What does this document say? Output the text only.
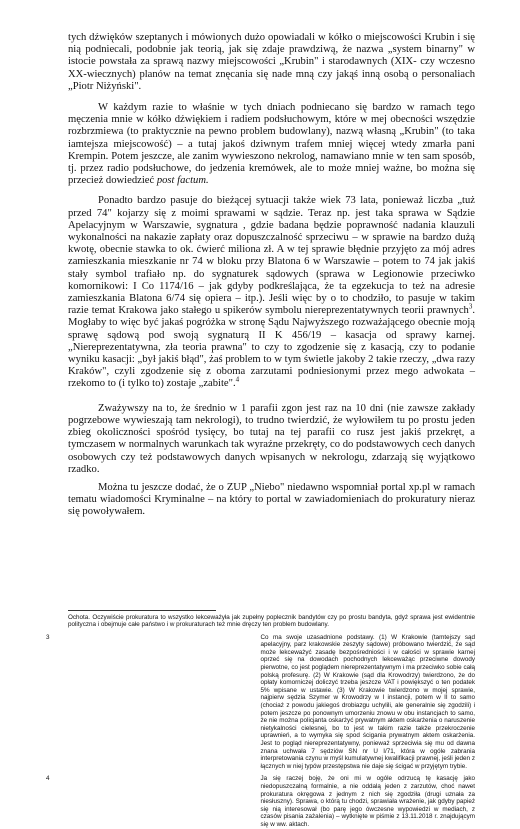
tych dźwięków szeptanych i mówionych dużo opowiadali w kółko o miejscowości Krubin i się nią podniecali, podobnie jak teorią, jak się zdaje prawdziwą, że nazwa „system binarny" w istocie powstała za sprawą nazwy miejscowości „Krubin" i starodawnych (XIX- czy wczesno XX-wiecznych) planów na temat znęcania się nade mną czy jakąś inną osobą o personaliach „Piotr Niżyński".

W każdym razie to właśnie w tych dniach podniecano się bardzo w ramach tego męczenia mnie w kółko dźwiękiem i radiem podsłuchowym, które w mej obecności wszędzie rozbrzmiewa (to praktycznie na pewno problem budowlany), nazwą własną „Krubin" (to taka iamtejsza miejscowość) – a tutaj jakoś dziwnym trafem mniej więcej wtedy zmarła pani Krempin. Potem jeszcze, ale zanim wywieszono nekrolog, namawiano mnie w ten sam sposób, tj. przez radio podsłuchowe, do jedzenia kremówek, ale to może mniej ważne, bo można się przecież dowiedzieć post factum.

Ponadto bardzo pasuje do bieżącej sytuacji także wiek 73 lata, ponieważ liczba „tuż przed 74" kojarzy się z moimi sprawami w sądzie. Teraz np. jest taka sprawa w Sądzie Apelacyjnym w Warszawie, sygnatura , gdzie badana będzie poprawność nadania klauzuli wykonalności na nakazie zapłaty oraz dopuszczalność sprzeciwu – w sprawie na bardzo dużą kwotę, obecnie stawka to ok. ćwierć miliona zł. A w tej sprawie błędnie przyjęto za mój adres zamieszkania mieszkanie nr 74 w bloku przy Blatona 6 w Warszawie – potem to 74 jak jakiś stały symbol trafiało np. do sygnaturek sądowych (sprawa w Legionowie przeciwko komornikowi: I Co 1174/16 – jak gdyby podkreślająca, że ta egzekucja to też na adresie zamieszkania Blatona 6/74 się opiera – itp.). Jeśli więc by o to chodziło, to pasuje w takim razie temat Krakowa jako stałego u spikerów symbolu niereprezentatywnych teorii prawnych$^3$. Mogłaby to więc być jakaś pogróżka w stronę Sądu Najwyższego rozważającego obecnie moją sprawę sądową pod swoją sygnaturą II K 456/19 – kasacja od sprawy karnej. „Niereprezentatywna, zła teoria prawna" to czy to zgodzenie się z kasacją, czy to podanie wyniku kasacji: „był jakiś błąd", żaś problem to w tym świetle jakoby 2 takie rzeczy, „dwa razy Kraków", czyli zgodzenie się z oboma zarzutami podniesionymi przez mego adwokata – rzekomo to (i tylko to) zostaje „zabite".$^4$

Zważywszy na to, że średnio w 1 parafii zgon jest raz na 10 dni (nie zawsze zakłady pogrzebowe wywieszają tam nekrologi), to trudno twierdzić, że wyłowiłem tu po prostu jeden zbieg okoliczności spośród tysięcy, bo tutaj na tej parafii co rusz jest jakiś przekręt, a tymczasem w normalnych warunkach tak wyraźne przekręty, co do podstawowych cech danych osobowych czy też podstawowych danych wpisanych w nekrologu, zdarzają się wyjątkowo rzadko.

Można tu jeszcze dodać, że o ZUP „Niebo" niedawno wspomniał portal xp.pl w ramach tematu wiadomości Kryminalne – na który to portal w zawiadomieniach do prokuratury nieraz się powoływałem.

Ochota. Oczywiście prokuratura to wszystko lekceważyła jak zupełny poplecznik bandytów czy po prostu bandyta, gdyż sprawa jest ewidentnie polityczna i obejmuje całe państwo i w prokuraturach też mnie dręczy ten problem budowlany.

3	Co ma swoje uzasadnione podstawy. (1) W Krakowie (tamtejszy sąd apelacyjny, parz krakowskie zeszyty sądowe) próbowano twierdzić, że sąd może lekceważyć zasadę bezpośredniości i w całości w sprawie karnej oprzeć się na dowodach pochodnych lekceważąc przeciwne dowody pierwotne, co jest poglądem niereprezentatywnym i ma przeciwko sobie całą polską profesurę. (2) W Krakowie (sąd dla Krowodrzy) twierdzono, że do opłaty komorniczej doliczyć trzeba jeszcze VAT i powiększyć o ten podatek 5% wpisane w ustawie. (3) W Krakowie twierdzono w mojej sprawie, najpierw sędzia Szymer w Krowodrzy w I instancji, potem w II to samo (chociaż z powodu jakiegoś drobiazgu uchylili, ale generalnie się zgodzili) i potem jeszcze po ponownym umorzeniu znowu w obu instancjach to samo, że nie można policjanta oskarżyć prywatnym aktem oskarżenia o naruszenie nietykalności cielesnej, bo to jest w takim razie także przekroczenie uprawnień, a to wymyka się spod ścigania prywatnym aktem oskarżenia. Jest to pogląd niereprezentatywny, ponieważ sprzeciwia się mu od dawna znana uchwała 7 sędziów SN nr U I/71, która w ogóle zabrania interpretowania czynu w myśl kumulatywnej kwalifikacji prawnej, jeśli jeden z łącznych w niej typów przestępstwa nie daje się ścigać w przyjętym trybie.

4	Ja się raczej boję, że oni mi w ogóle odrzucą tę kasację jako niedopuszczalną formalnie, a nie oddalą jeden z zarzutów, choć nawet prokuratura okręgowa z jednym z nich się zgodziła (drugi uznała za niesłuszny). Sprawa, o którą tu chodzi, sprawiała wrażenie, jak gdyby papież się nią interesował (bo parę jego ówczesne wypowiedzi w mediach, z czasów pisania zażalenia) – wytknięte w piśmie z 13.11.2018 r. znajdującym się w ww. aktach.
